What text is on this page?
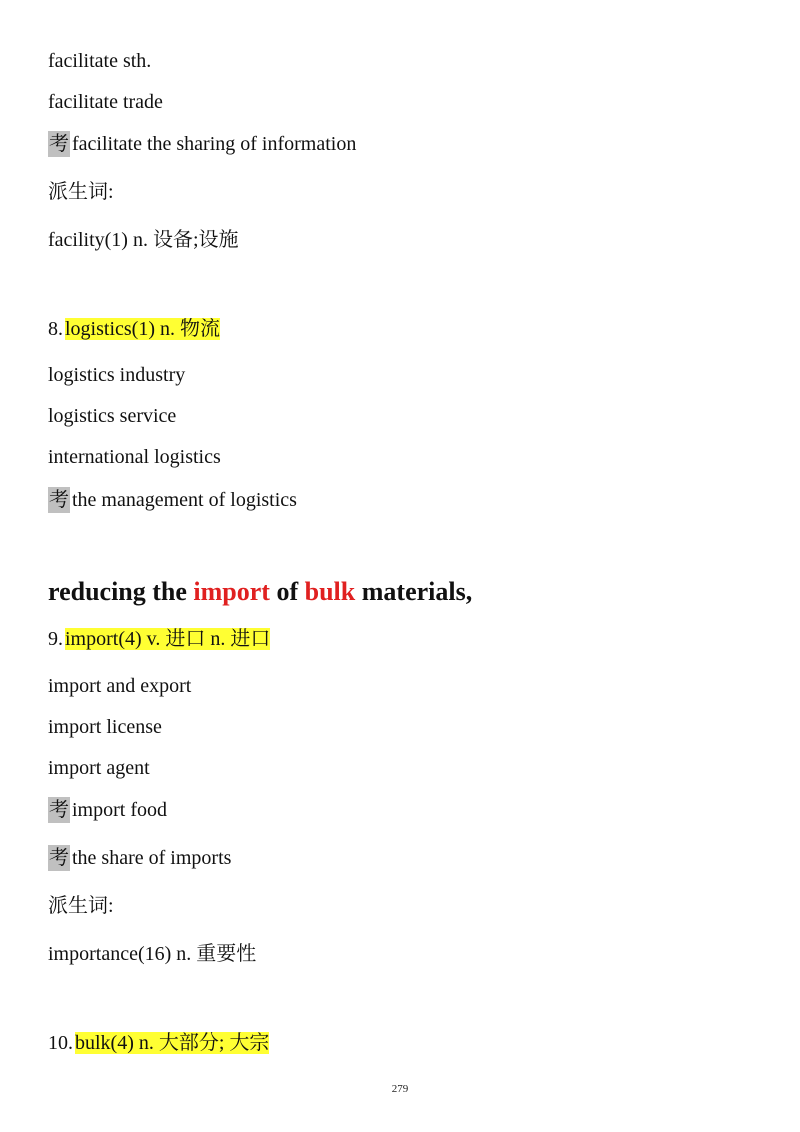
facilitate sth.
facilitate trade
考 facilitate the sharing of information
派生词:
facility(1) n. 设备;设施
8. logistics(1) n. 物流
logistics industry
logistics service
international logistics
考 the management of logistics
reducing the import of bulk materials,
9. import(4) v. 进口 n. 进口
import and export
import license
import agent
考 import food
考 the share of imports
派生词:
importance(16) n. 重要性
10. bulk(4) n. 大部分; 大宗
279
